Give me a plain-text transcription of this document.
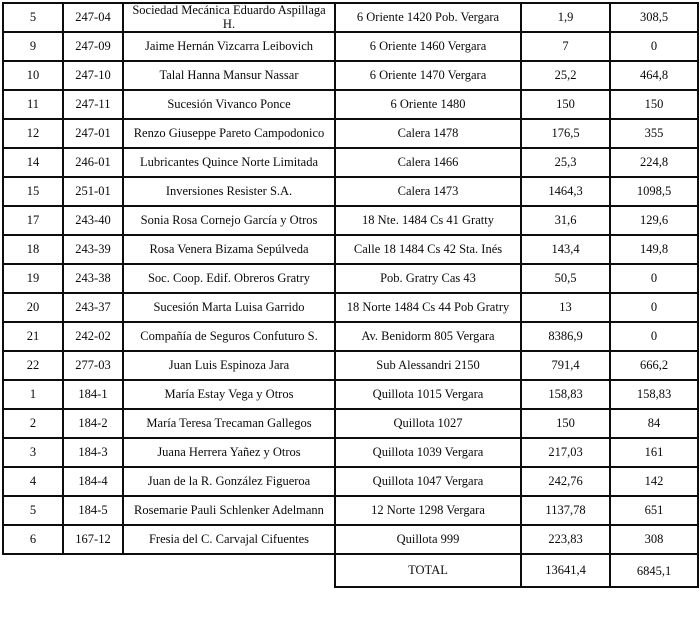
5	247-04	Sociedad Mecánica Eduardo Aspillaga H.	6 Oriente 1420 Pob. Vergara	1,9	308,5
9	247-09	Jaime Hernán Vizcarra Leibovich	6 Oriente 1460 Vergara	7	0
10	247-10	Talal Hanna Mansur Nassar	6 Oriente 1470 Vergara	25,2	464,8
11	247-11	Sucesión Vivanco Ponce	6 Oriente 1480	150	150
12	247-01	Renzo Giuseppe Pareto Campodonico	Calera 1478	176,5	355
14	246-01	Lubricantes Quince Norte Limitada	Calera 1466	25,3	224,8
15	251-01	Inversiones Resister S.A.	Calera 1473	1464,3	1098,5
17	243-40	Sonia Rosa Cornejo García y Otros	18 Nte. 1484 Cs 41 Gratty	31,6	129,6
18	243-39	Rosa Venera Bizama Sepúlveda	Calle 18 1484 Cs 42 Sta. Inés	143,4	149,8
19	243-38	Soc. Coop. Edif. Obreros Gratry	Pob. Gratry Cas 43	50,5	0
20	243-37	Sucesión Marta Luisa Garrido	18 Norte 1484 Cs 44 Pob Gratry	13	0
21	242-02	Compañía de Seguros Confuturo S.	Av. Benidorm 805 Vergara	8386,9	0
22	277-03	Juan Luis Espinoza Jara	Sub Alessandri 2150	791,4	666,2
1	184-1	María Estay Vega y Otros	Quillota 1015 Vergara	158,83	158,83
2	184-2	María Teresa Trecaman Gallegos	Quillota 1027	150	84
3	184-3	Juana Herrera Yañez y Otros	Quillota 1039 Vergara	217,03	161
4	184-4	Juan de la R. González Figueroa	Quillota 1047 Vergara	242,76	142
5	184-5	Rosemarie Pauli Schlenker Adelmann	12 Norte 1298 Vergara	1137,78	651
6	167-12	Fresia del C. Carvajal Cifuentes	Quillota 999	223,83	308
			TOTAL	13641,4	6845,1
